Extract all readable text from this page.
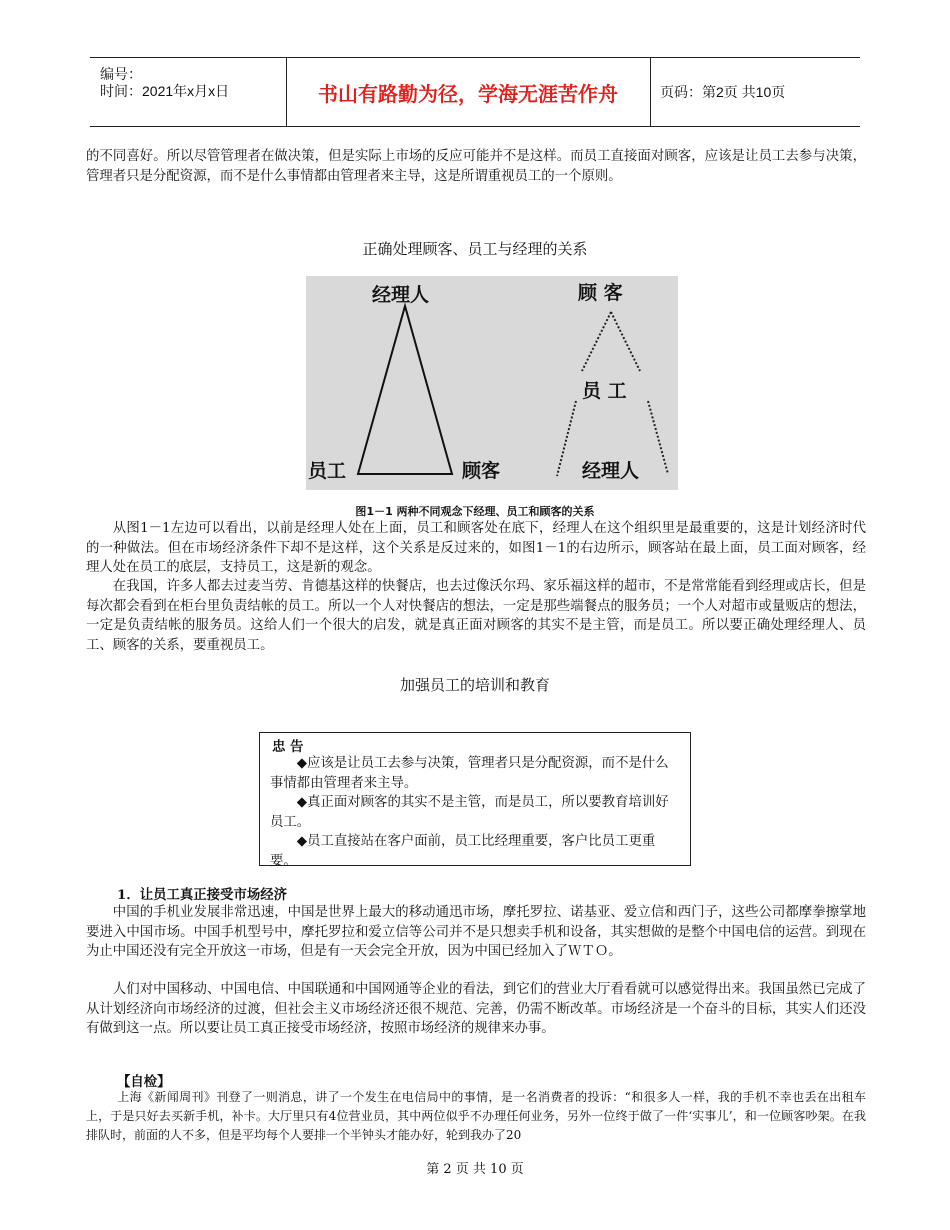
编号：
时间：2021年x月x日	书山有路勤为径，学海无涯苦作舟	页码：第2页 共10页

的不同喜好。所以尽管管理者在做决策，但是实际上市场的反应可能并不是这样。而员工直接面对顾客，应该是让员工去参与决策，管理者只是分配资源，而不是什么事情都由管理者来主导，这是所谓重视员工的一个原则。

正确处理顾客、员工与经理的关系
经理人
员工	顾客
顾 客
员 工
经理人
图1－1 两种不同观念下经理、员工和顾客的关系

从图1－1左边可以看出，以前是经理人处在上面，员工和顾客处在底下，经理人在这个组织里是最重要的，这是计划经济时代的一种做法。但在市场经济条件下却不是这样，这个关系是反过来的，如图1－1的右边所示，顾客站在最上面，员工面对顾客，经理人处在员工的底层，支持员工，这是新的观念。

在我国，许多人都去过麦当劳、肯德基这样的快餐店，也去过像沃尔玛、家乐福这样的超市，不是常常能看到经理或店长，但是每次都会看到在柜台里负责结帐的员工。所以一个人对快餐店的想法，一定是那些端餐点的服务员；一个人对超市或量贩店的想法，一定是负责结帐的服务员。这给人们一个很大的启发，就是真正面对顾客的其实不是主管，而是员工。所以要正确处理经理人、员工、顾客的关系，要重视员工。

加强员工的培训和教育
忠 告

◆应该是让员工去参与决策，管理者只是分配资源，而不是什么事情都由管理者来主导。

◆真正面对顾客的其实不是主管，而是员工，所以要教育培训好员工。

◆员工直接站在客户面前，员工比经理重要，客户比员工更重要。

1．让员工真正接受市场经济

中国的手机业发展非常迅速，中国是世界上最大的移动通迅市场，摩托罗拉、诺基亚、爱立信和西门子，这些公司都摩拳擦掌地要进入中国市场。中国手机型号中，摩托罗拉和爱立信等公司并不是只想卖手机和设备，其实想做的是整个中国电信的运营。到现在为止中国还没有完全开放这一市场，但是有一天会完全开放，因为中国已经加入了ＷＴＯ。

人们对中国移动、中国电信、中国联通和中国网通等企业的看法，到它们的营业大厅看看就可以感觉得出来。我国虽然已完成了从计划经济向市场经济的过渡，但社会主义市场经济还很不规范、完善，仍需不断改革。市场经济是一个奋斗的目标，其实人们还没有做到这一点。所以要让员工真正接受市场经济，按照市场经济的规律来办事。

【自检】

上海《新闻周刊》刊登了一则消息，讲了一个发生在电信局中的事情，是一名消费者的投诉：“和很多人一样，我的手机不幸也丢在出租车上，于是只好去买新手机，补卡。大厅里只有4位营业员，其中两位似乎不办理任何业务，另外一位终于做了一件‘实事儿’，和一位顾客吵架。在我排队时，前面的人不多，但是平均每个人要排一个半钟头才能办好，轮到我办了20

第 2 页 共 10 页
